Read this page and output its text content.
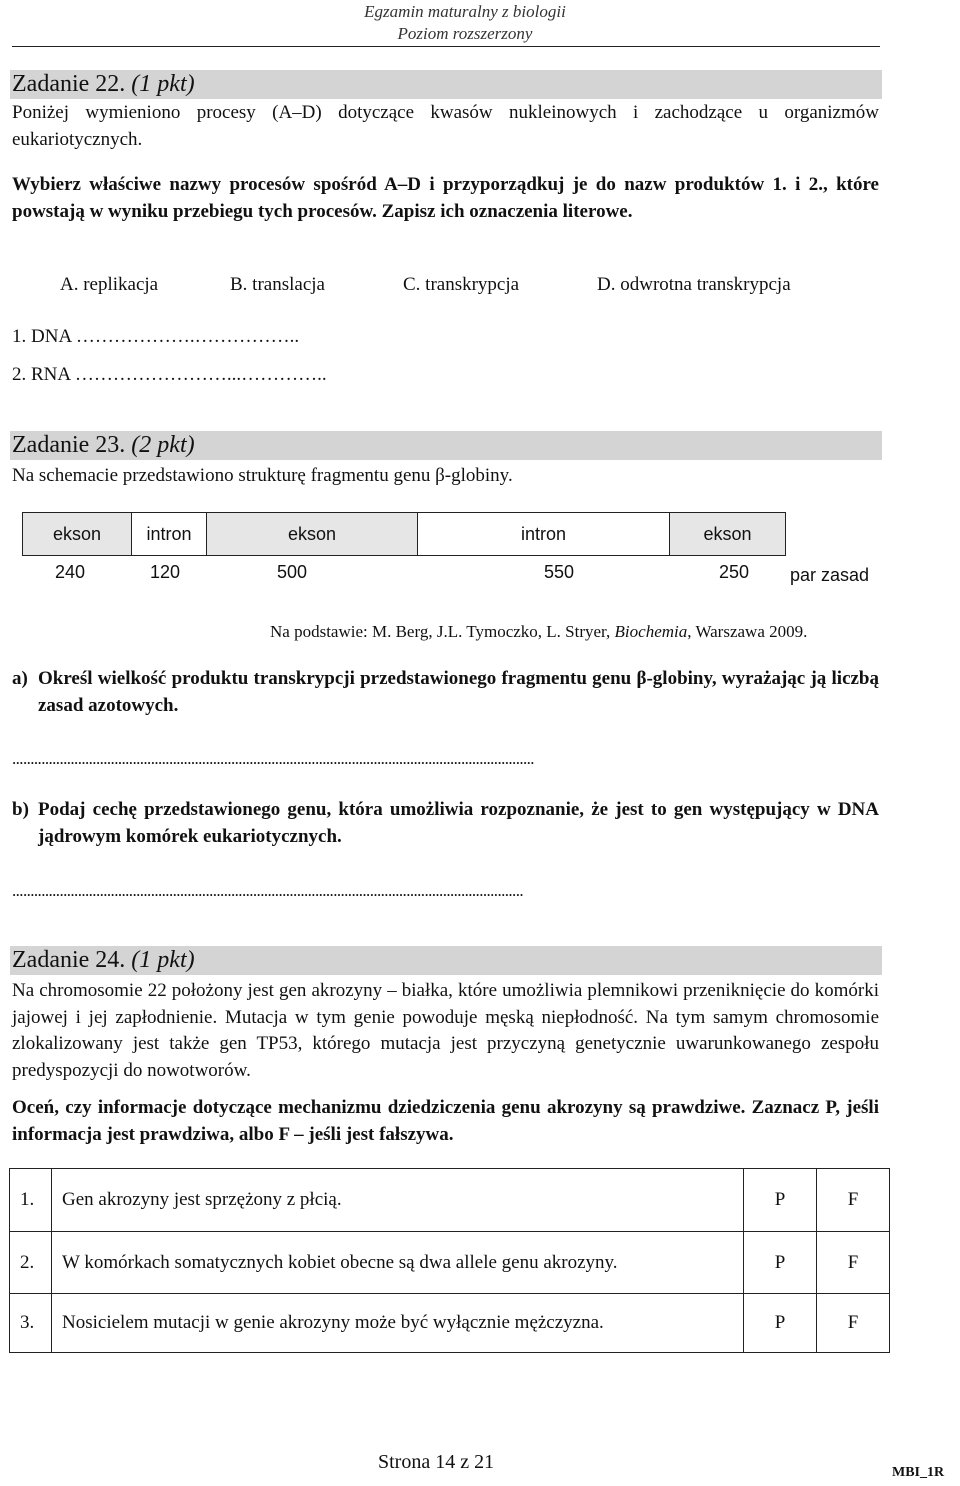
Egzamin maturalny z biologii
Poziom rozszerzony
Zadanie 22. (1 pkt)
Poniżej wymieniono procesy (A–D) dotyczące kwasów nukleinowych i zachodzące u organizmów eukariotycznych.
Wybierz właściwe nazwy procesów spośród A–D i przyporządkuj je do nazw produktów 1. i 2., które powstają w wyniku przebiegu tych procesów. Zapisz ich oznaczenia literowe.
A. replikacja	B. translacja	C. transkrypcja	D. odwrotna transkrypcja
1. DNA ……………….……………..
2. RNA ……………………...…………..
Zadanie 23. (2 pkt)
Na schemacie przedstawiono strukturę fragmentu genu β-globiny.
ekson	intron	ekson	intron	ekson
240	120	500	550	250 par zasad
Na podstawie: M. Berg, J.L. Tymoczko, L. Stryer, Biochemia, Warszawa 2009.
a) Określ wielkość produktu transkrypcji przedstawionego fragmentu genu β-globiny, wyrażając ją liczbą zasad azotowych.
...............................................................................................................................................
b) Podaj cechę przedstawionego genu, która umożliwia rozpoznanie, że jest to gen występujący w DNA jądrowym komórek eukariotycznych.
............................................................................................................................................
Zadanie 24. (1 pkt)
Na chromosomie 22 położony jest gen akrozyny – białka, które umożliwia plemnikowi przeniknięcie do komórki jajowej i jej zapłodnienie. Mutacja w tym genie powoduje męską niepłodność. Na tym samym chromosomie zlokalizowany jest także gen TP53, którego mutacja jest przyczyną genetycznie uwarunkowanego zespołu predyspozycji do nowotworów.
Oceń, czy informacje dotyczące mechanizmu dziedziczenia genu akrozyny są prawdziwe. Zaznacz P, jeśli informacja jest prawdziwa, albo F – jeśli jest fałszywa.
1.	Gen akrozyny jest sprzężony z płcią.	P	F
2.	W komórkach somatycznych kobiet obecne są dwa allele genu akrozyny.	P	F
3.	Nosicielem mutacji w genie akrozyny może być wyłącznie mężczyzna.	P	F
Strona 14 z 21	MBI_1R
